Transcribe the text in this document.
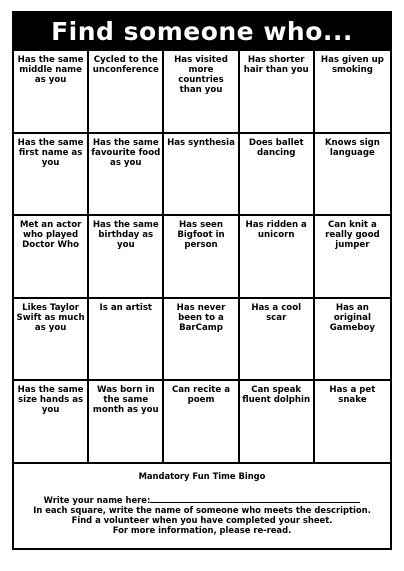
Find someone who...
Has the same middle name as you
Cycled to the unconference
Has visited more countries than you
Has shorter hair than you
Has given up smoking
Has the same first name as you
Has the same favourite food as you
Has synthesia	Does ballet dancing
Knows sign language
Met an actor who played Doctor Who
Has the same birthday as you
Has seen Bigfoot in person
Has ridden a unicorn
Can knit a really good jumper
Likes Taylor Swift as much as you
Is an artist	Has never been to a BarCamp
Has a cool scar
Has an original Gameboy
Has the same size hands as you
Was born in the same month as you
Can recite a poem
Can speak fluent dolphin
Has a pet snake
Mandatory Fun Time Bingo
Write your name here:
In each square, write the name of someone who meets the description.
Find a volunteer when you have completed your sheet.
For more information, please re-read.
